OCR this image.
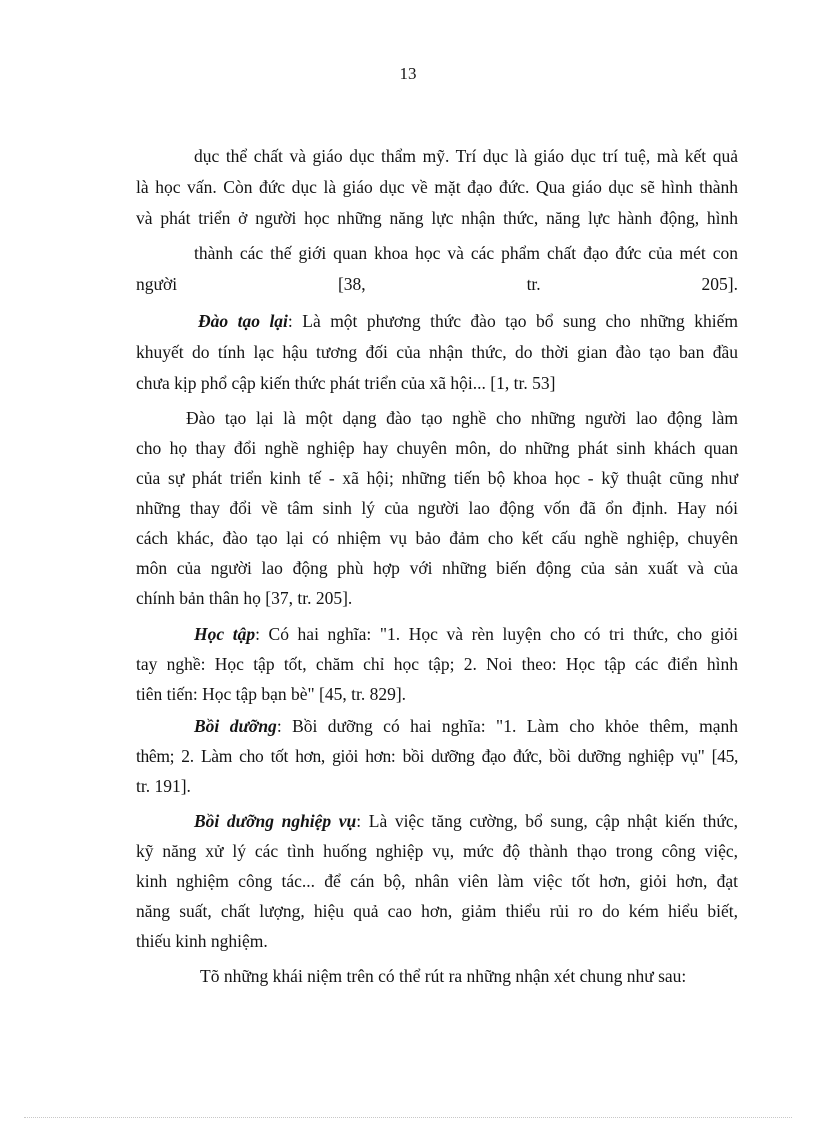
13
dục thể chất và giáo dục thẩm mỹ. Trí dục là giáo dục trí tuệ, mà kết quả
là học vấn. Còn đức dục là giáo dục về mặt đạo đức. Qua giáo dục sẽ hình thành
và phát triển ở người học những năng lực nhận thức, năng lực hành động, hình
thành các thế giới quan khoa học và các phẩm chất đạo đức của mét con
người	[38,	tr.	205].
Đào tạo lại: Là một phương thức đào tạo bổ sung cho những khiếm
khuyết do tính lạc hậu tương đối của nhận thức, do thời gian đào tạo ban đầu
chưa kịp phổ cập kiến thức phát triển của xã hội... [1, tr. 53]
Đào tạo lại là một dạng đào tạo nghề cho những người lao động làm
cho họ thay đổi nghề nghiệp hay chuyên môn, do những phát sinh khách quan
của sự phát triển kinh tế - xã hội; những tiến bộ khoa học - kỹ thuật cũng như
những thay đổi về tâm sinh lý của người lao động vốn đã ổn định. Hay nói
cách khác, đào tạo lại có nhiệm vụ bảo đảm cho kết cấu nghề nghiệp, chuyên
môn của người lao động phù hợp với những biến động của sản xuất và của
chính bản thân họ [37, tr. 205].
Học tập: Có hai nghĩa: "1. Học và rèn luyện cho có tri thức, cho giỏi
tay nghề: Học tập tốt, chăm chỉ học tập; 2. Noi theo: Học tập các điển hình
tiên tiến: Học tập bạn bè" [45, tr. 829].
Bồi dưỡng: Bồi dưỡng có hai nghĩa: "1. Làm cho khỏe thêm, mạnh
thêm; 2. Làm cho tốt hơn, giỏi hơn: bồi dưỡng đạo đức, bồi dưỡng nghiệp vụ" [45,
tr. 191].
Bồi dưỡng nghiệp vụ: Là việc tăng cường, bổ sung, cập nhật kiến thức,
kỹ năng xử lý các tình huống nghiệp vụ, mức độ thành thạo trong công việc,
kinh nghiệm công tác... để cán bộ, nhân viên làm việc tốt hơn, giỏi hơn, đạt
năng suất, chất lượng, hiệu quả cao hơn, giảm thiểu rủi ro do kém hiểu biết,
thiếu kinh nghiệm.
Tõ những khái niệm trên có thể rút ra những nhận xét chung như sau:
